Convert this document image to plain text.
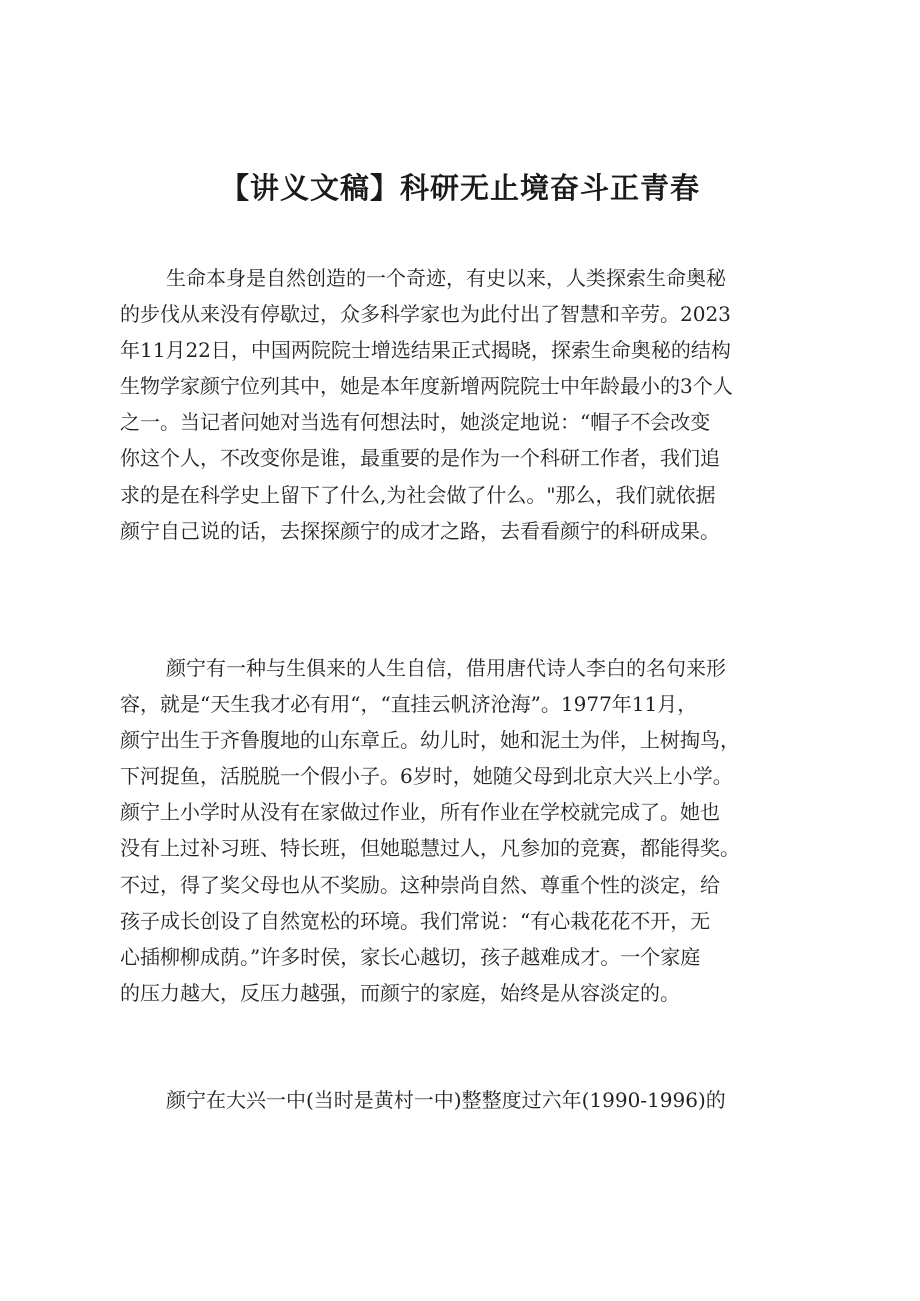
【讲义文稿】科研无止境奋斗正青春
生命本身是自然创造的一个奇迹，有史以来，人类探索生命奥秘
的步伐从来没有停歇过，众多科学家也为此付出了智慧和辛劳。2023
年11月22日，中国两院院士增选结果正式揭晓，探索生命奥秘的结构
生物学家颜宁位列其中，她是本年度新增两院院士中年龄最小的3个人
之一。当记者问她对当选有何想法时，她淡定地说：“帽子不会改变
你这个人，不改变你是谁，最重要的是作为一个科研工作者，我们追
求的是在科学史上留下了什么,为社会做了什么。"那么，我们就依据
颜宁自己说的话，去探探颜宁的成才之路，去看看颜宁的科研成果。
颜宁有一种与生俱来的人生自信，借用唐代诗人李白的名句来形
容，就是“天生我才必有用“，“直挂云帆济沧海”。1977年11月，
颜宁出生于齐鲁腹地的山东章丘。幼儿时，她和泥土为伴，上树掏鸟，
下河捉鱼，活脱脱一个假小子。6岁时，她随父母到北京大兴上小学。
颜宁上小学时从没有在家做过作业，所有作业在学校就完成了。她也
没有上过补习班、特长班，但她聪慧过人，凡参加的竞赛，都能得奖。
不过，得了奖父母也从不奖励。这种崇尚自然、尊重个性的淡定，给
孩子成长创设了自然宽松的环境。我们常说：“有心栽花花不开，无
心插柳柳成荫。”许多时侯，家长心越切，孩子越难成才。一个家庭
的压力越大，反压力越强，而颜宁的家庭，始终是从容淡定的。
颜宁在大兴一中(当时是黄村一中)整整度过六年(1990-1996)的
